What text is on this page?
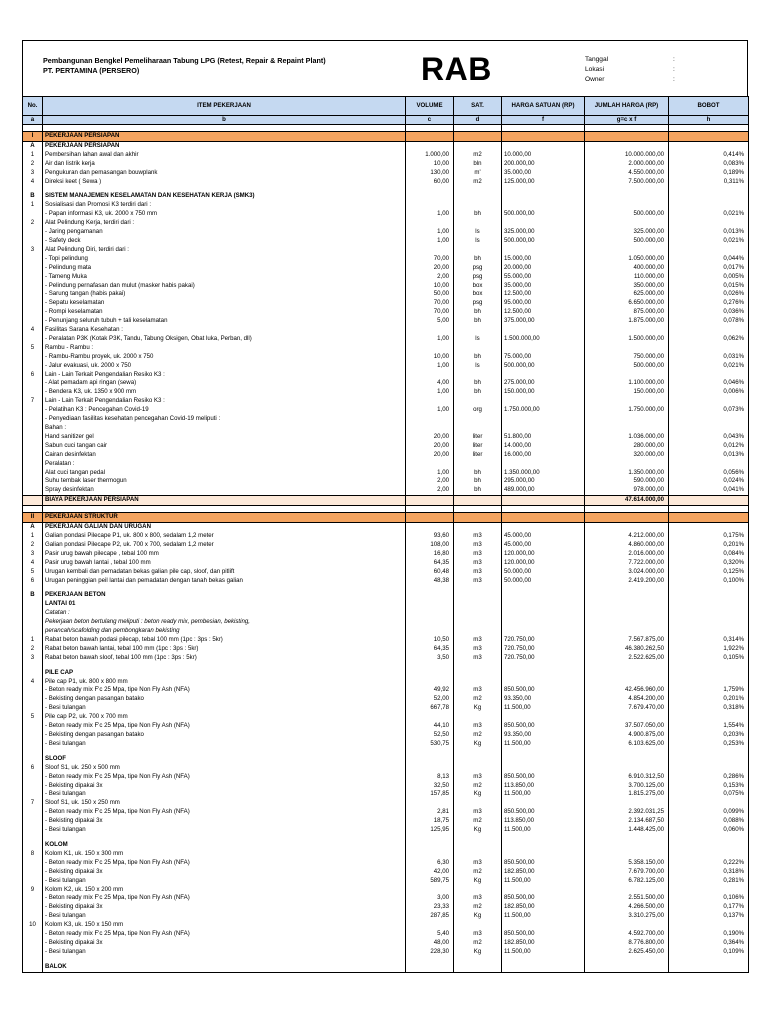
Pembangunan Bengkel Pemeliharaan Tabung LPG (Retest, Repair & Repaint Plant)
PT. PERTAMINA (PERSERO)	RAB	Tanggal	:
Lokasi	:
Owner	:
No.	ITEM PEKERJAAN	VOLUME	SAT.	HARGA SATUAN (RP)	JUMLAH HARGA (RP)	BOBOT
a	b	c	d	f	g=c x f	h

I	PEKERJAAN PERSIAPAN					
A	PEKERJAAN PERSIAPAN					
1	Pembersihan lahan awal dan akhir	1.000,00	m2	10.000,00	10.000.000,00	0,414%
2	Air dan listrik kerja	10,00	bln	200.000,00	2.000.000,00	0,083%
3	Pengukuran dan pemasangan bouwplank	130,00	m'	35.000,00	4.550.000,00	0,189%
4	Direksi keet ( Sewa )	60,00	m2	125.000,00	7.500.000,00	0,311%

B	SISTEM MANAJEMEN KESELAMATAN DAN KESEHATAN KERJA (SMK3)					
1	Sosialisasi dan Promosi K3 terdiri dari :					
	- Papan informasi K3, uk. 2000 x 750 mm	1,00	bh	500.000,00	500.000,00	0,021%
2	Alat Pelindung Kerja, terdiri dari :					
	- Jaring pengamanan	1,00	ls	325.000,00	325.000,00	0,013%
	- Safety deck	1,00	ls	500.000,00	500.000,00	0,021%
3	Alat Pelindung Diri, terdiri dari :					
	- Topi pelindung	70,00	bh	15.000,00	1.050.000,00	0,044%
	- Pelindung mata	20,00	psg	20.000,00	400.000,00	0,017%
	- Tameng Muka	2,00	psg	55.000,00	110.000,00	0,005%
	- Pelindung pernafasan dan mulut (masker habis pakai)	10,00	box	35.000,00	350.000,00	0,015%
	- Sarung tangan (habis pakai)	50,00	box	12.500,00	625.000,00	0,026%
	- Sepatu keselamatan	70,00	psg	95.000,00	6.650.000,00	0,276%
	- Rompi keselamatan	70,00	bh	12.500,00	875.000,00	0,036%
	- Penunjang seluruh tubuh + tali keselamatan	5,00	bh	375.000,00	1.875.000,00	0,078%
4	Fasilitas Sarana Kesehatan :					
	- Peralatan P3K (Kotak P3K, Tandu, Tabung Oksigen, Obat luka, Perban, dll)	1,00	ls	1.500.000,00	1.500.000,00	0,062%
5	Rambu - Rambu :					
	- Rambu-Rambu proyek, uk. 2000 x 750	10,00	bh	75.000,00	750.000,00	0,031%
	- Jalur evakuasi, uk. 2000 x 750	1,00	ls	500.000,00	500.000,00	0,021%
6	Lain - Lain Terkait Pengendalian Resiko K3 :					
	- Alat pemadam api ringan (sewa)	4,00	bh	275.000,00	1.100.000,00	0,046%
	- Bendera K3, uk. 1350 x 900 mm	1,00	bh	150.000,00	150.000,00	0,006%
7	Lain - Lain Terkait Pengendalian Resiko K3 :					
	- Pelatihan K3 : Pencegahan Covid-19	1,00	org	1.750.000,00	1.750.000,00	0,073%
	- Penyediaan fasilitas kesehatan pencegahan Covid-19 meliputi :					
	Bahan :					
	Hand sanitizer gel	20,00	liter	51.800,00	1.036.000,00	0,043%
	Sabun cuci tangan cair	20,00	liter	14.000,00	280.000,00	0,012%
	Cairan desinfektan	20,00	liter	16.000,00	320.000,00	0,013%
	Peralatan :					
	Alat cuci tangan pedal	1,00	bh	1.350.000,00	1.350.000,00	0,056%
	Suhu tembak laser thermogun	2,00	bh	295.000,00	590.000,00	0,024%
	Spray desinfektan	2,00	bh	489.000,00	978.000,00	0,041%
	BIAYA PEKERJAAN PERSIAPAN				47.614.000,00	

II	PEKERJAAN STRUKTUR					
A	PEKERJAAN GALIAN DAN URUGAN					
1	Galian pondasi Pilecape P1, uk. 800 x 800, sedalam 1,2 meter	93,60	m3	45.000,00	4.212.000,00	0,175%
2	Galian pondasi Pilecape P2, uk. 700 x 700, sedalam 1,2 meter	108,00	m3	45.000,00	4.860.000,00	0,201%
3	Pasir urug bawah pilecape , tebal 100 mm	16,80	m3	120.000,00	2.016.000,00	0,084%
4	Pasir urug bawah lantai , tebal 100 mm	64,35	m3	120.000,00	7.722.000,00	0,320%
5	Urugan kembali dan pemadatan bekas galian pile cap, sloof, dan pitlift	60,48	m3	50.000,00	3.024.000,00	0,125%
6	Urugan peninggian peil lantai dan pemadatan dengan tanah bekas galian	48,38	m3	50.000,00	2.419.200,00	0,100%

B	PEKERJAAN BETON					
	LANTAI 01					
	Catatan :					
	Pekerjaan beton bertulang meliputi : beton ready mix, pembesian, bekisting,					
	perancah/scafolding dan pembongkaran bekisting					
1	Rabat beton bawah podasi pilecap, tebal 100 mm (1pc : 3ps : 5kr)	10,50	m3	720.750,00	7.567.875,00	0,314%
2	Rabat beton bawah lantai, tebal 100 mm (1pc : 3ps : 5kr)	64,35	m3	720.750,00	46.380.262,50	1,922%
3	Rabat beton bawah sloof, tebal 100 mm (1pc : 3ps : 5kr)	3,50	m3	720.750,00	2.522.625,00	0,105%

	PILE CAP					
4	Pile cap P1, uk. 800 x 800 mm					
	- Beton ready mix F'c 25 Mpa, tipe Non Fly Ash (NFA)	49,92	m3	850.500,00	42.456.960,00	1,759%
	- Bekisting dengan pasangan batako	52,00	m2	93.350,00	4.854.200,00	0,201%
	- Besi tulangan	667,78	Kg	11.500,00	7.679.470,00	0,318%
5	Pile cap P2, uk. 700 x 700 mm					
	- Beton ready mix F'c 25 Mpa, tipe Non Fly Ash (NFA)	44,10	m3	850.500,00	37.507.050,00	1,554%
	- Bekisting dengan pasangan batako	52,50	m2	93.350,00	4.900.875,00	0,203%
	- Besi tulangan	530,75	Kg	11.500,00	6.103.625,00	0,253%

	SLOOF					
6	Sloof S1, uk. 250 x 500 mm					
	- Beton ready mix F'c 25 Mpa, tipe Non Fly Ash (NFA)	8,13	m3	850.500,00	6.910.312,50	0,286%
	- Bekisting dipakai 3x	32,50	m2	113.850,00	3.700.125,00	0,153%
	- Besi tulangan	157,85	Kg	11.500,00	1.815.275,00	0,075%
7	Sloof S1, uk. 150 x 250 mm					
	- Beton ready mix F'c 25 Mpa, tipe Non Fly Ash (NFA)	2,81	m3	850.500,00	2.392.031,25	0,099%
	- Bekisting dipakai 3x	18,75	m2	113.850,00	2.134.687,50	0,088%
	- Besi tulangan	125,95	Kg	11.500,00	1.448.425,00	0,060%

	KOLOM					
8	Kolom K1, uk. 150 x 300 mm					
	- Beton ready mix F'c 25 Mpa, tipe Non Fly Ash (NFA)	6,30	m3	850.500,00	5.358.150,00	0,222%
	- Bekisting dipakai 3x	42,00	m2	182.850,00	7.679.700,00	0,318%
	- Besi tulangan	589,75	Kg	11.500,00	6.782.125,00	0,281%
9	Kolom K2, uk. 150 x 200 mm					
	- Beton ready mix F'c 25 Mpa, tipe Non Fly Ash (NFA)	3,00	m3	850.500,00	2.551.500,00	0,106%
	- Bekisting dipakai 3x	23,33	m2	182.850,00	4.266.500,00	0,177%
	- Besi tulangan	287,85	Kg	11.500,00	3.310.275,00	0,137%
10	Kolom K3, uk. 150 x 150 mm					
	- Beton ready mix F'c 25 Mpa, tipe Non Fly Ash (NFA)	5,40	m3	850.500,00	4.592.700,00	0,190%
	- Bekisting dipakai 3x	48,00	m2	182.850,00	8.776.800,00	0,364%
	- Besi tulangan	228,30	Kg	11.500,00	2.625.450,00	0,109%

	BALOK					
